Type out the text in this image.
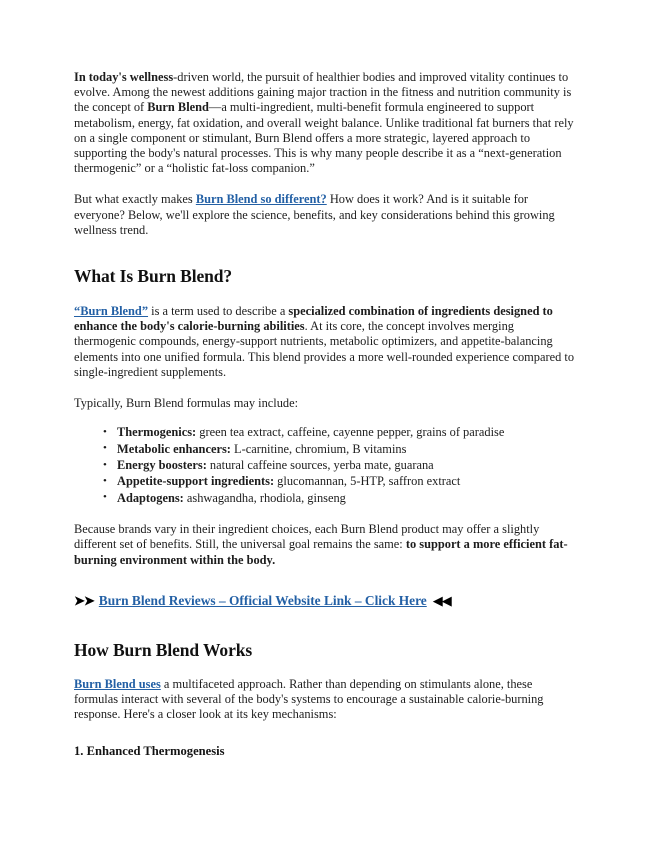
In today's wellness-driven world, the pursuit of healthier bodies and improved vitality continues to evolve. Among the newest additions gaining major traction in the fitness and nutrition community is the concept of Burn Blend—a multi-ingredient, multi-benefit formula engineered to support metabolism, energy, fat oxidation, and overall weight balance. Unlike traditional fat burners that rely on a single component or stimulant, Burn Blend offers a more strategic, layered approach to supporting the body's natural processes. This is why many people describe it as a “next-generation thermogenic” or a “holistic fat-loss companion.”

But what exactly makes Burn Blend so different? How does it work? And is it suitable for everyone? Below, we'll explore the science, benefits, and key considerations behind this growing wellness trend.

What Is Burn Blend?

“Burn Blend” is a term used to describe a specialized combination of ingredients designed to enhance the body's calorie-burning abilities. At its core, the concept involves merging thermogenic compounds, energy-support nutrients, metabolic optimizers, and appetite-balancing elements into one unified formula. This blend provides a more well-rounded experience compared to single-ingredient supplements.

Typically, Burn Blend formulas may include:

• Thermogenics: green tea extract, caffeine, cayenne pepper, grains of paradise
• Metabolic enhancers: L-carnitine, chromium, B vitamins
• Energy boosters: natural caffeine sources, yerba mate, guarana
• Appetite-support ingredients: glucomannan, 5-HTP, saffron extract
• Adaptogens: ashwagandha, rhodiola, ginseng

Because brands vary in their ingredient choices, each Burn Blend product may offer a slightly different set of benefits. Still, the universal goal remains the same: to support a more efficient fat-burning environment within the body.

➤➤ Burn Blend Reviews – Official Website Link – Click Here ◀◀
How Burn Blend Works

Burn Blend uses a multifaceted approach. Rather than depending on stimulants alone, these formulas interact with several of the body's systems to encourage a sustainable calorie-burning response. Here's a closer look at its key mechanisms:

1. Enhanced Thermogenesis
